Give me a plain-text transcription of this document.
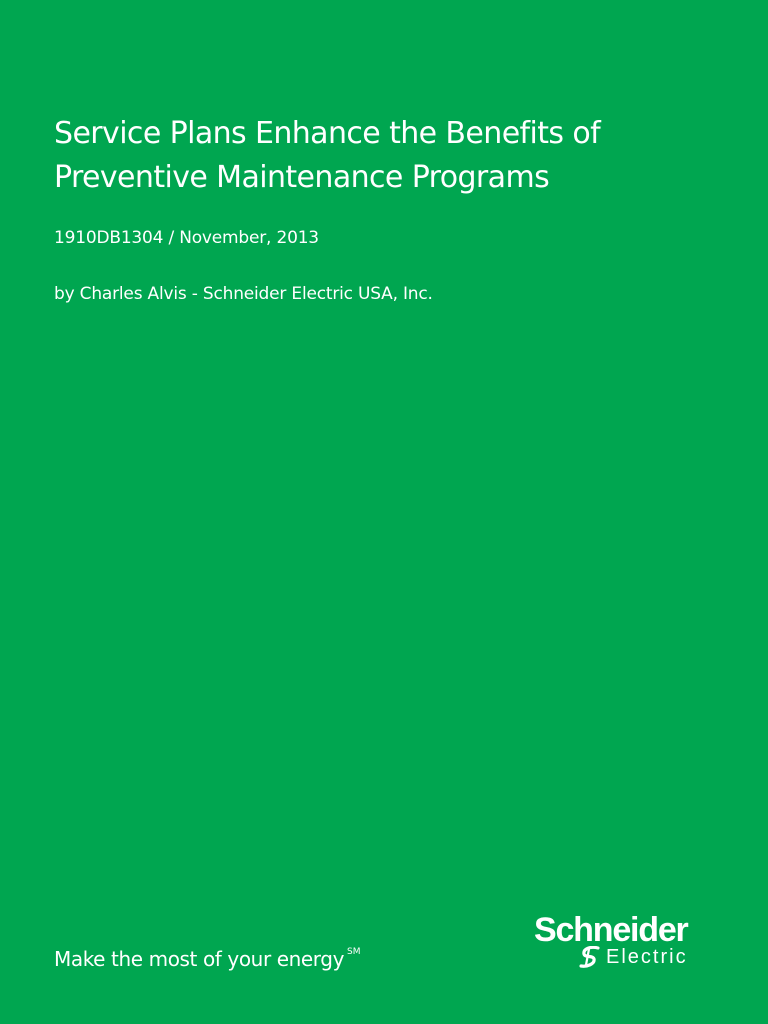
Service Plans Enhance the Benefits of
Preventive Maintenance Programs

1910DB1304 / November, 2013

by Charles Alvis - Schneider Electric USA, Inc.

Make the most of your energy ℠

Schneider
Electric
